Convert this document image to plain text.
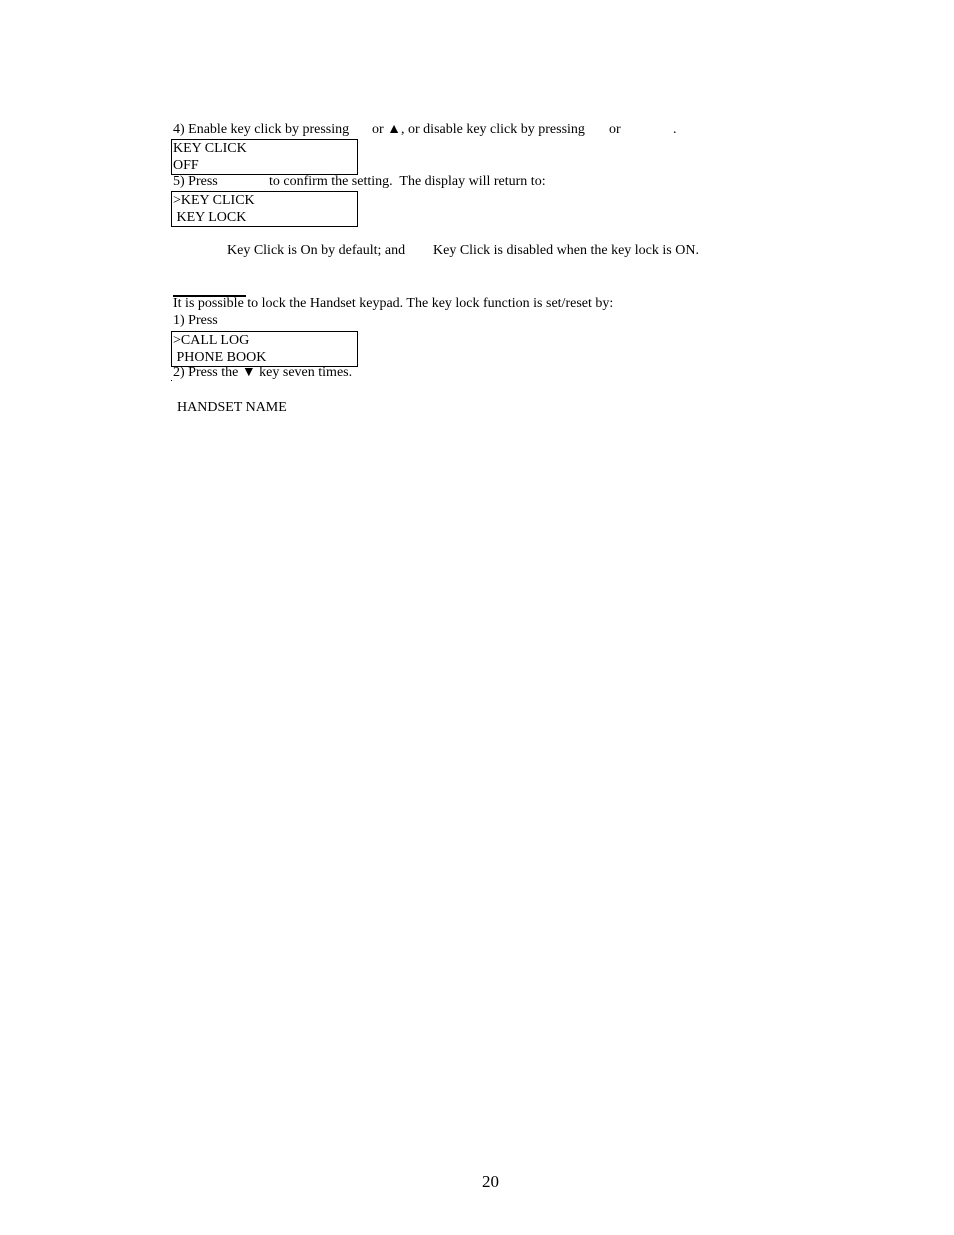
4) Enable key click by pressing or ▲, or disable key click by pressing or	.
KEY CLICK
OFF
5) Press	to confirm the setting.  The display will return to:
>KEY CLICK
KEY LOCK
Key Click is On by default; and Key Click is disabled when the key lock is ON.
It is possible to lock the Handset keypad. The key lock function is set/reset by:
1) Press
>CALL LOG
PHONE BOOK
2) Press the ▼ key seven times.
HANDSET NAME
20
